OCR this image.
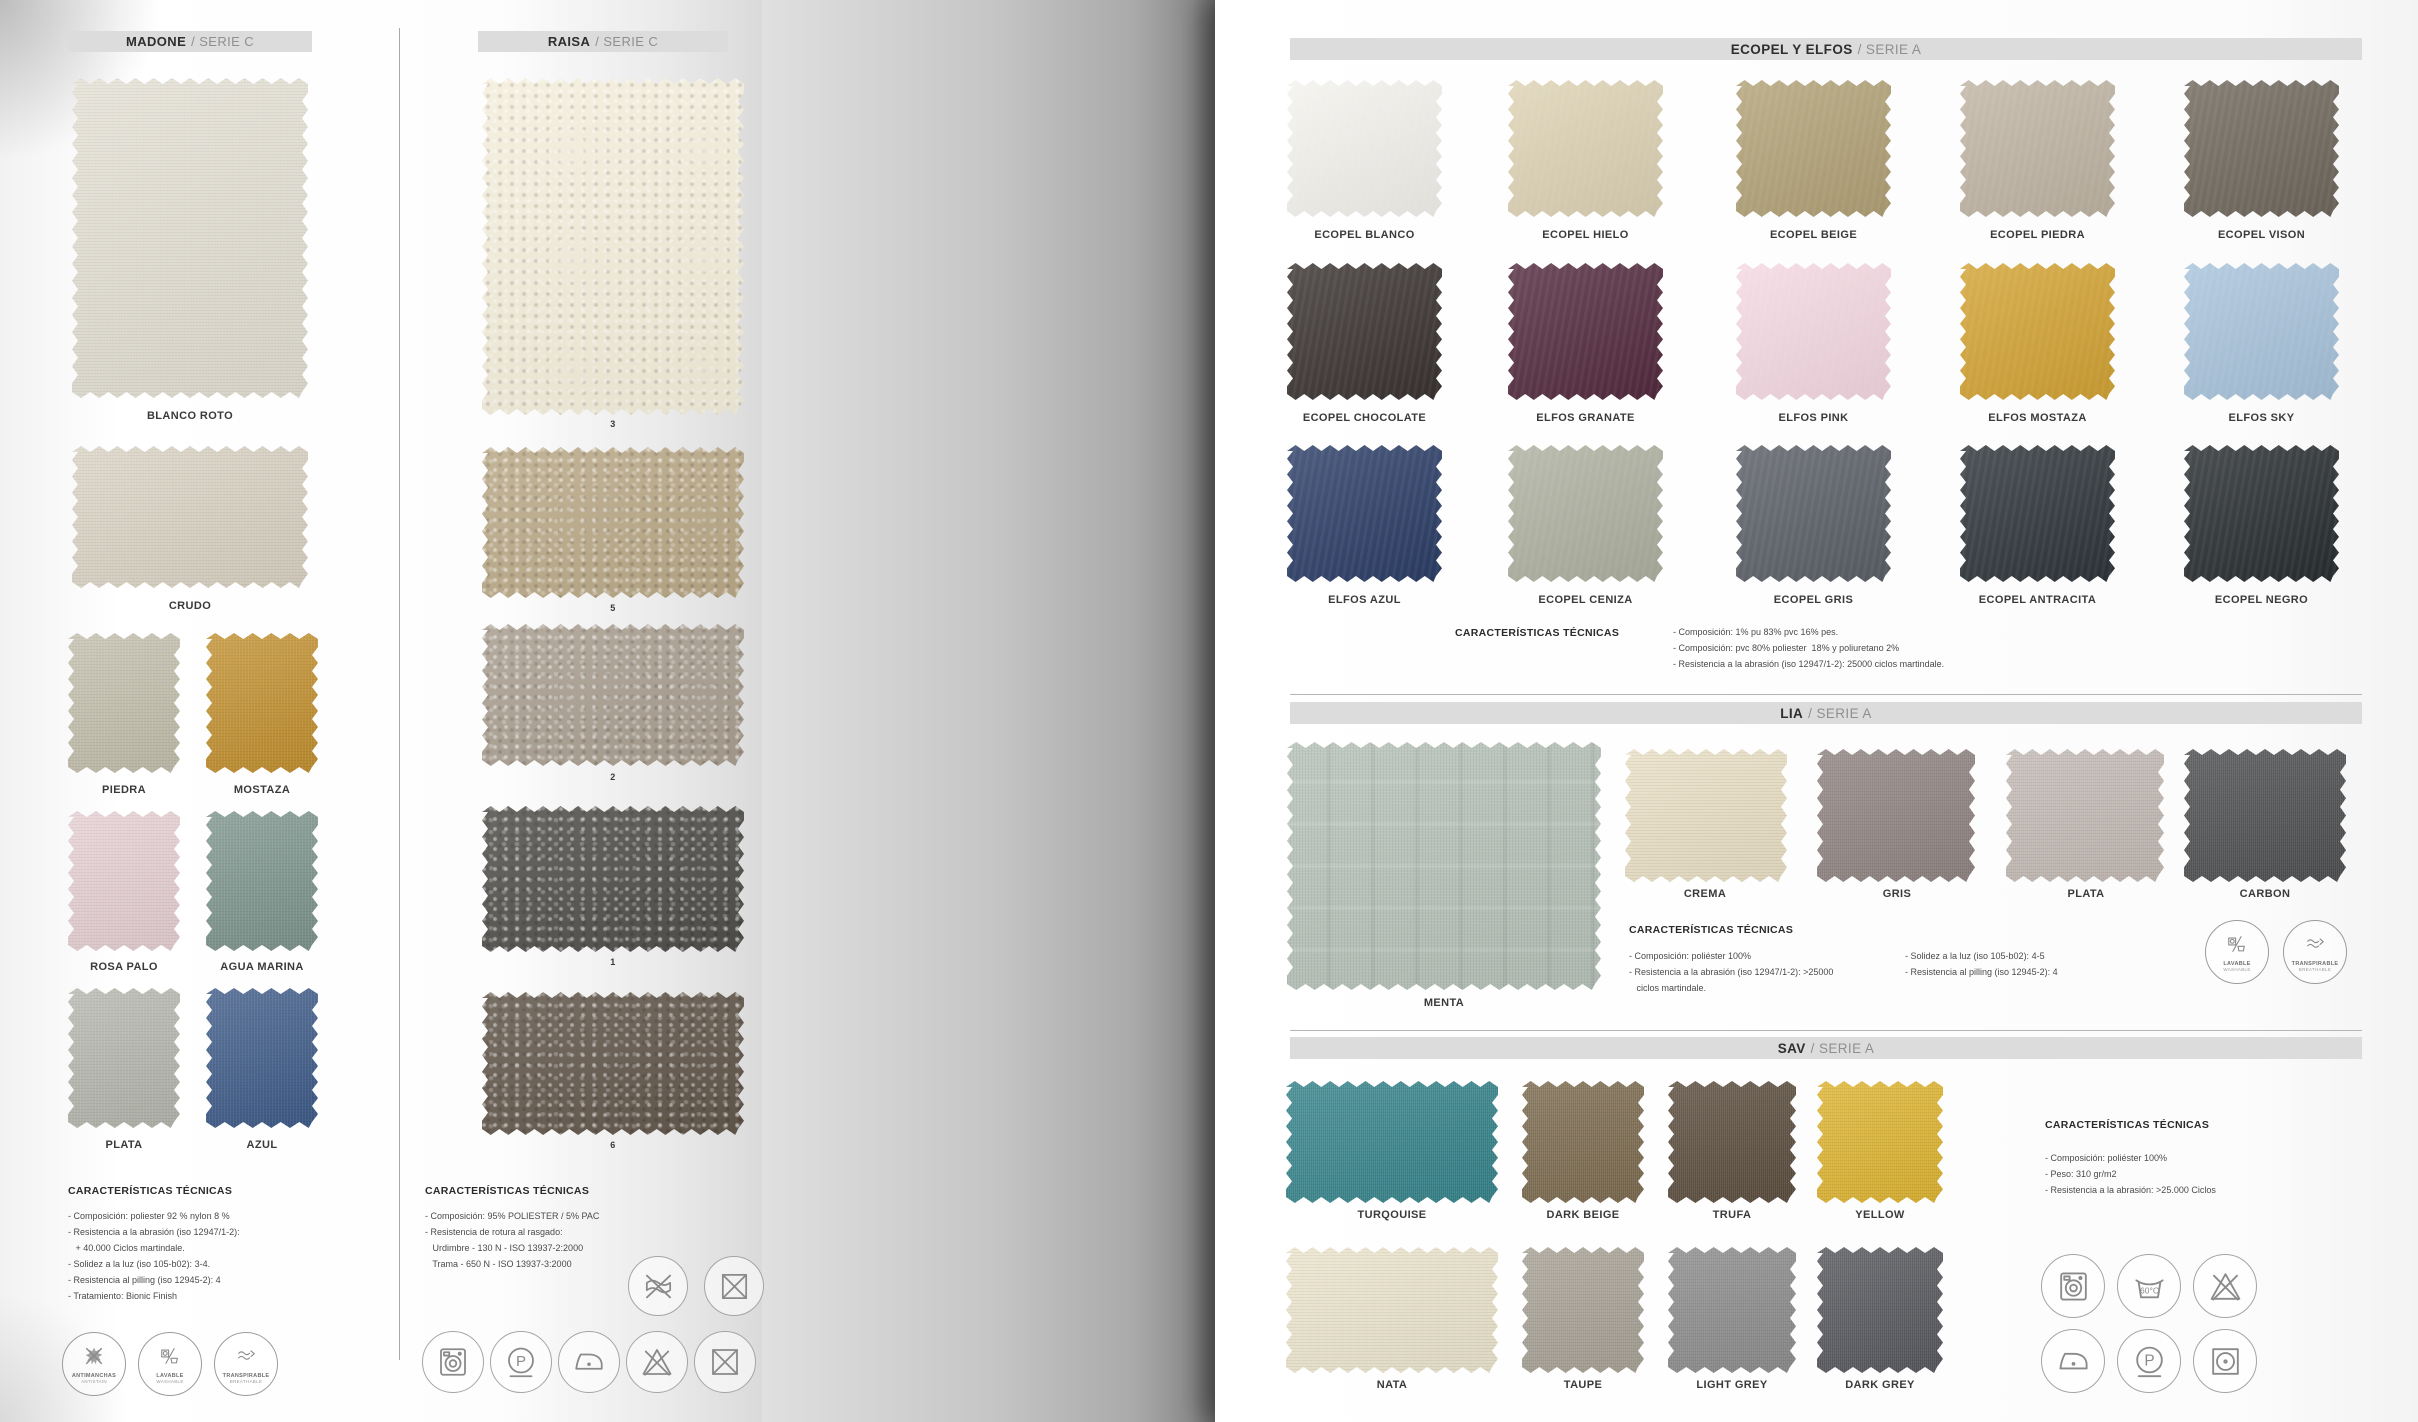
MADONE / SERIE C
BLANCO ROTO
CRUDO
PIEDRA	MOSTAZA
ROSA PALO	AGUA MARINA
PLATA	AZUL
CARACTERÍSTICAS TÉCNICAS
- Composición: poliester 92 % nylon 8 %
- Resistencia a la abrasión (iso 12947/1-2):
+ 40.000 Ciclos martindale.
- Solidez a la luz (iso 105-b02): 3-4.
- Resistencia al pilling (iso 12945-2): 4
- Tratamiento: Bionic Finish
ANTIMANCHAS
ANTISTAIN
LAVABLE
WASHABLE
TRANSPIRABLE
BREATHABLE
RAISA / SERIE C
3
5
2
1
6
CARACTERÍSTICAS TÉCNICAS
- Composición: 95% POLIESTER / 5% PAC
- Resistencia de rotura al rasgado:
Urdimbre - 130 N - ISO 13937-2:2000
Trama - 650 N - ISO 13937-3:2000
P
ECOPEL Y ELFOS / SERIE A
ECOPEL BLANCO	ECOPEL HIELO	ECOPEL BEIGE	ECOPEL PIEDRA	ECOPEL VISON
ECOPEL CHOCOLATE	ELFOS GRANATE	ELFOS PINK	ELFOS MOSTAZA	ELFOS SKY
ELFOS AZUL	ECOPEL CENIZA	ECOPEL GRIS	ECOPEL ANTRACITA	ECOPEL NEGRO
CARACTERÍSTICAS TÉCNICAS	- Composición: 1% pu 83% pvc 16% pes.
- Composición: pvc 80% poliester  18% y poliuretano 2%
- Resistencia a la abrasión (iso 12947/1-2): 25000 ciclos martindale.
LIA / SERIE A
MENTA
CREMA	GRIS	PLATA	CARBON
CARACTERÍSTICAS TÉCNICAS
- Composición: poliéster 100%
- Resistencia a la abrasión (iso 12947/1-2): >25000
ciclos martindale.
- Solidez a la luz (iso 105-b02): 4-5
- Resistencia al pilling (iso 12945-2): 4
LAVABLE
WASHABLE
TRANSPIRABLE
BREATHABLE
SAV / SERIE A
TURQOUISE	DARK BEIGE	TRUFA	YELLOW
NATA	TAUPE	LIGHT GREY	DARK GREY
CARACTERÍSTICAS TÉCNICAS
- Composición: poliéster 100%
- Peso: 310 gr/m2
- Resistencia a la abrasión: >25.000 Ciclos
60°C
P
